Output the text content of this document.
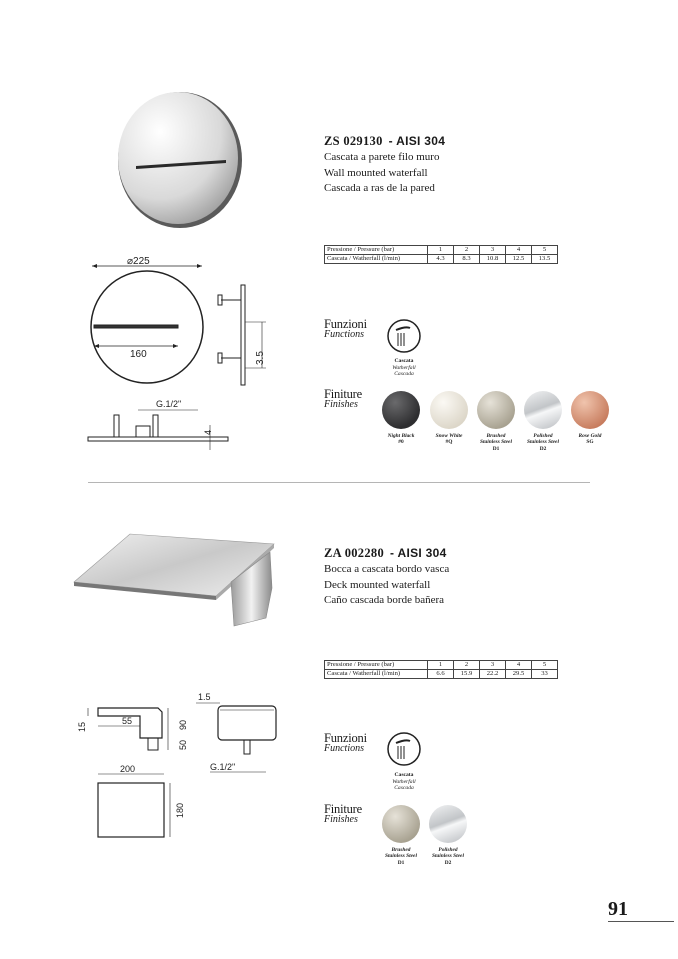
ZS 029130 - AISI 304
Cascata a parete filo muro
Wall mounted waterfall
Cascada a ras de la pared
Pressione / Pressure (bar)	1	2	3	4	5
Cascata / Watherfall (l/min)	4.3	8.3	10.8	12.5	13.5
⌀225
160	3.5
G.1/2"
4
Funzioni
Functions
Cascata
Watherfall
Cascada
Finiture
Finishes
Night Black
#0
Snow White
#Q
Brushed
Stainless Steel
D1
Polished
Stainless Steel
D2
Rose Gold
SG
ZA 002280 - AISI 304
Bocca a cascata bordo vasca
Deck mounted waterfall
Caño cascada borde bañera
Pressione / Pressure (bar)	1	2	3	4	5
Cascata / Watherfall (l/min)	6.6	15.9	22.2	29.5	33
15
55	90
50
1.5
G.1/2"
200
180
Funzioni
Functions
Cascata
Watherfall
Cascada
Finiture
Finishes
Brushed
Stainless Steel
D1
Polished
Stainless Steel
D2
91
